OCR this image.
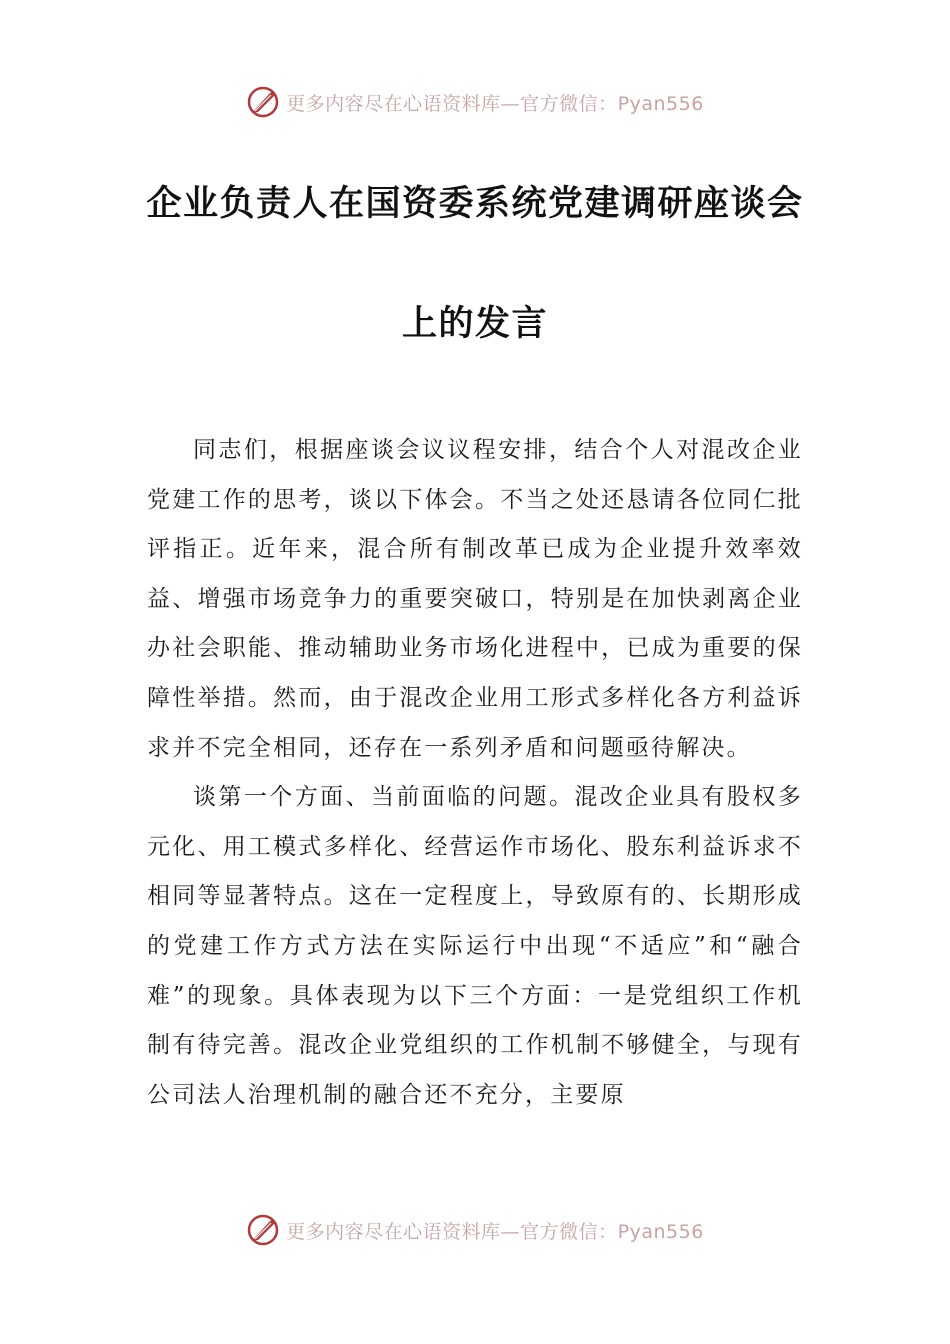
更多内容尽在心语资料库—官方微信：Pyan556
企业负责人在国资委系统党建调研座谈会
上的发言

同志们，根据座谈会议议程安排，结合个人对混改企业党建工作的思考，谈以下体会。不当之处还恳请各位同仁批评指正。近年来，混合所有制改革已成为企业提升效率效益、增强市场竞争力的重要突破口，特别是在加快剥离企业办社会职能、推动辅助业务市场化进程中，已成为重要的保障性举措。然而，由于混改企业用工形式多样化各方利益诉求并不完全相同，还存在一系列矛盾和问题亟待解决。

谈第一个方面、当前面临的问题。混改企业具有股权多元化、用工模式多样化、经营运作市场化、股东利益诉求不相同等显著特点。这在一定程度上，导致原有的、长期形成的党建工作方式方法在实际运行中出现“不适应”和“融合难”的现象。具体表现为以下三个方面：一是党组织工作机制有待完善。混改企业党组织的工作机制不够健全，与现有公司法人治理机制的融合还不充分，主要原

更多内容尽在心语资料库—官方微信：Pyan556
